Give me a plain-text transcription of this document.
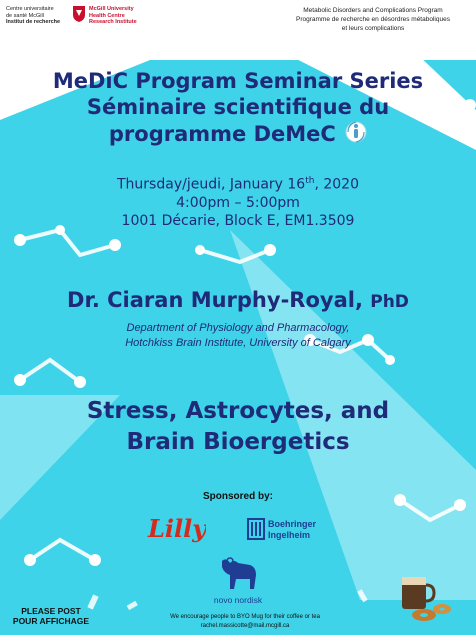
Centre universitaire
de santé McGill
Institut de recherche
McGill University
Health Centre
Research Institute
Metabolic Disorders and Complications Program
Programme de recherche en désordres métaboliques
et leurs complications
MeDiC Program Seminar Series
Séminaire scientifique du
programme DeMeC
Thursday/jeudi, January 16th, 2020
4:00pm – 5:00pm
1001 Décarie, Block E, EM1.3509
Dr. Ciaran Murphy-Royal, PhD
Department of Physiology and Pharmacology,
Hotchkiss Brain Institute, University of Calgary
Stress, Astrocytes, and
Brain Bioergetics
Sponsored by:
Lilly	Boehringer
Ingelheim
novo nordisk
PLEASE POST
POUR AFFICHAGE	We encourage people to BYO Mug for their coffee or tea
rachel.massicotte@mail.mcgill.ca
